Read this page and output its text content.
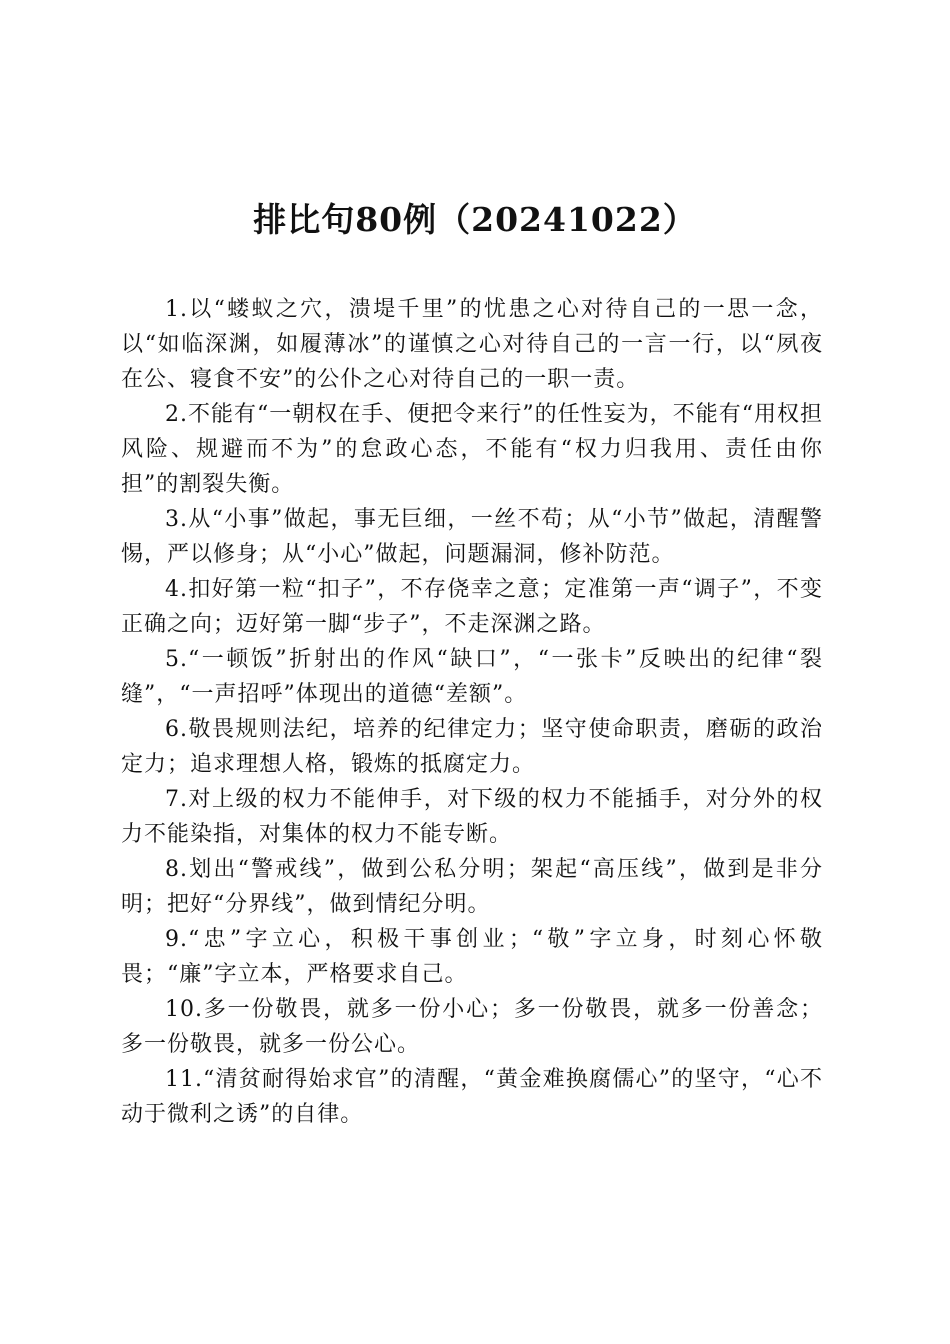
排比句80例（20241022）

1.以“蝼蚁之穴，溃堤千里”的忧患之心对待自己的一思一念，以“如临深渊，如履薄冰”的谨慎之心对待自己的一言一行，以“夙夜在公、寝食不安”的公仆之心对待自己的一职一责。

2.不能有“一朝权在手、便把令来行”的任性妄为，不能有“用权担风险、规避而不为”的怠政心态，不能有“权力归我用、责任由你担”的割裂失衡。

3.从“小事”做起，事无巨细，一丝不苟；从“小节”做起，清醒警惕，严以修身；从“小心”做起，问题漏洞，修补防范。

4.扣好第一粒“扣子”，不存侥幸之意；定准第一声“调子”，不变正确之向；迈好第一脚“步子”，不走深渊之路。

5.“一顿饭”折射出的作风“缺口”，“一张卡”反映出的纪律“裂缝”，“一声招呼”体现出的道德“差额”。

6.敬畏规则法纪，培养的纪律定力；坚守使命职责，磨砺的政治定力；追求理想人格，锻炼的抵腐定力。

7.对上级的权力不能伸手，对下级的权力不能插手，对分外的权力不能染指，对集体的权力不能专断。

8.划出“警戒线”，做到公私分明；架起“高压线”，做到是非分明；把好“分界线”，做到情纪分明。

9.“忠”字立心，积极干事创业；“敬”字立身，时刻心怀敬畏；“廉”字立本，严格要求自己。

10.多一份敬畏，就多一份小心；多一份敬畏，就多一份善念；多一份敬畏，就多一份公心。

11.“清贫耐得始求官”的清醒，“黄金难换腐儒心”的坚守，“心不动于微利之诱”的自律。
